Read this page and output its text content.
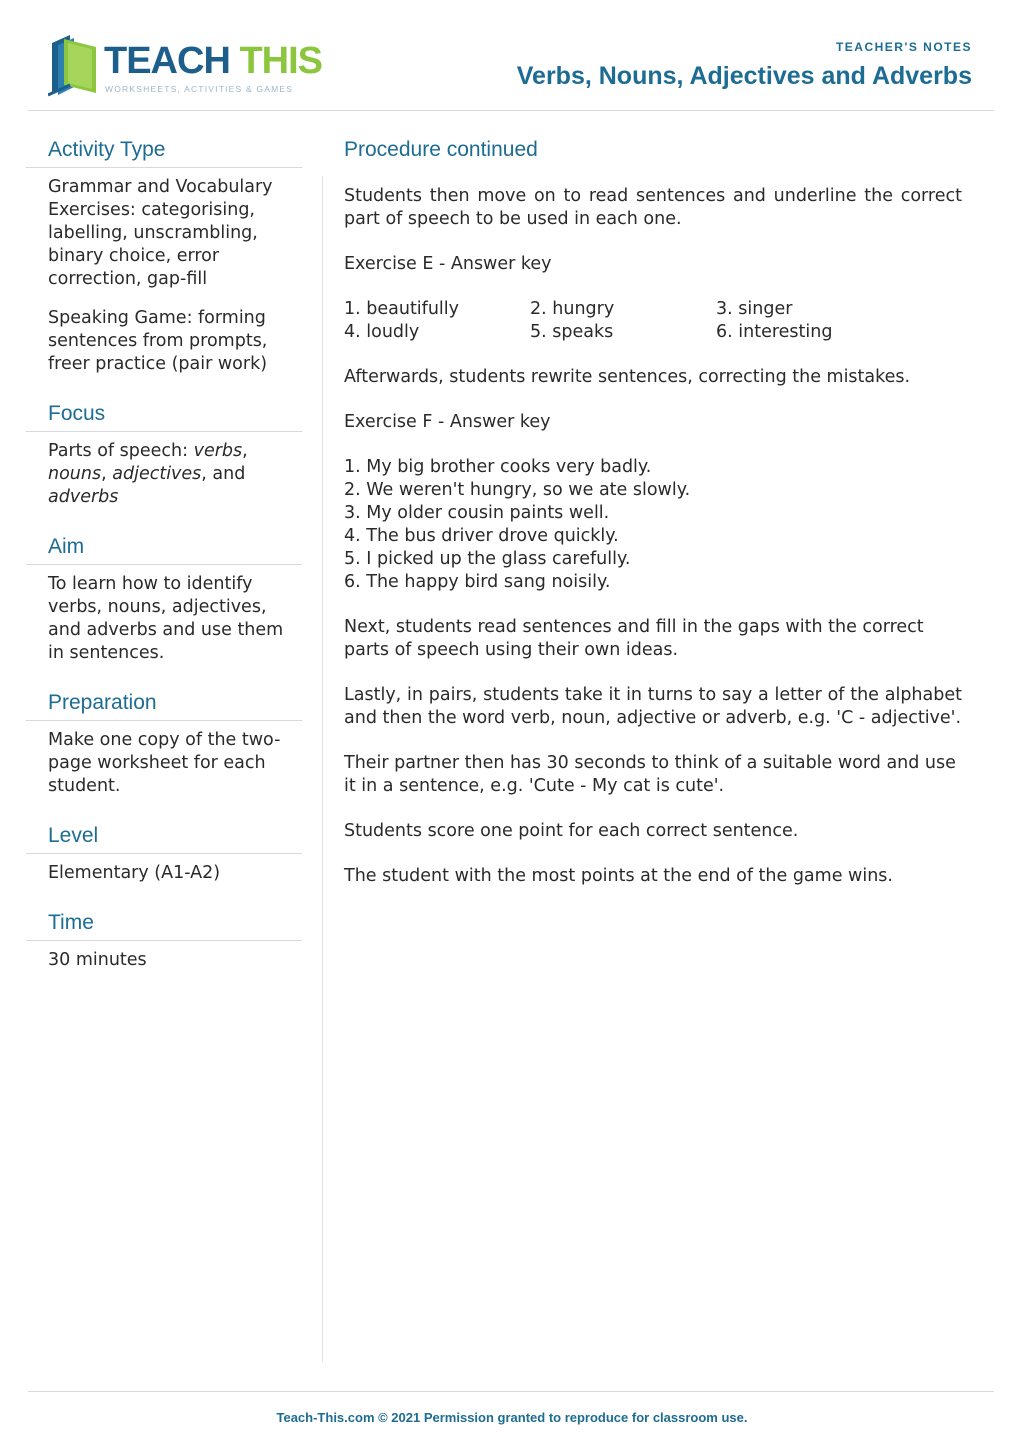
TEACH THIS
WORKSHEETS, ACTIVITIES & GAMES
TEACHER'S NOTES
Verbs, Nouns, Adjectives and Adverbs
Activity Type

Grammar and Vocabulary Exercises: categorising, labelling, unscrambling, binary choice, error correction, gap-fill

Speaking Game: forming sentences from prompts, freer practice (pair work)

Focus

Parts of speech: verbs, nouns, adjectives, and adverbs

Aim

To learn how to identify verbs, nouns, adjectives, and adverbs and use them in sentences.

Preparation

Make one copy of the two-page worksheet for each student.

Level

Elementary (A1-A2)

Time

30 minutes

Procedure continued

Students then move on to read sentences and underline the correct part of speech to be used in each one.

Exercise E - Answer key

1. beautifully	2. hungry	3. singer
4. loudly	5. speaks	6. interesting

Afterwards, students rewrite sentences, correcting the mistakes.

Exercise F - Answer key

1. My big brother cooks very badly.
2. We weren't hungry, so we ate slowly.
3. My older cousin paints well.
4. The bus driver drove quickly.
5. I picked up the glass carefully.
6. The happy bird sang noisily.

Next, students read sentences and fill in the gaps with the correct parts of speech using their own ideas.

Lastly, in pairs, students take it in turns to say a letter of the alphabet and then the word verb, noun, adjective or adverb, e.g. 'C - adjective'.

Their partner then has 30 seconds to think of a suitable word and use it in a sentence, e.g. 'Cute - My cat is cute'.

Students score one point for each correct sentence.

The student with the most points at the end of the game wins.

Teach-This.com © 2021 Permission granted to reproduce for classroom use.
